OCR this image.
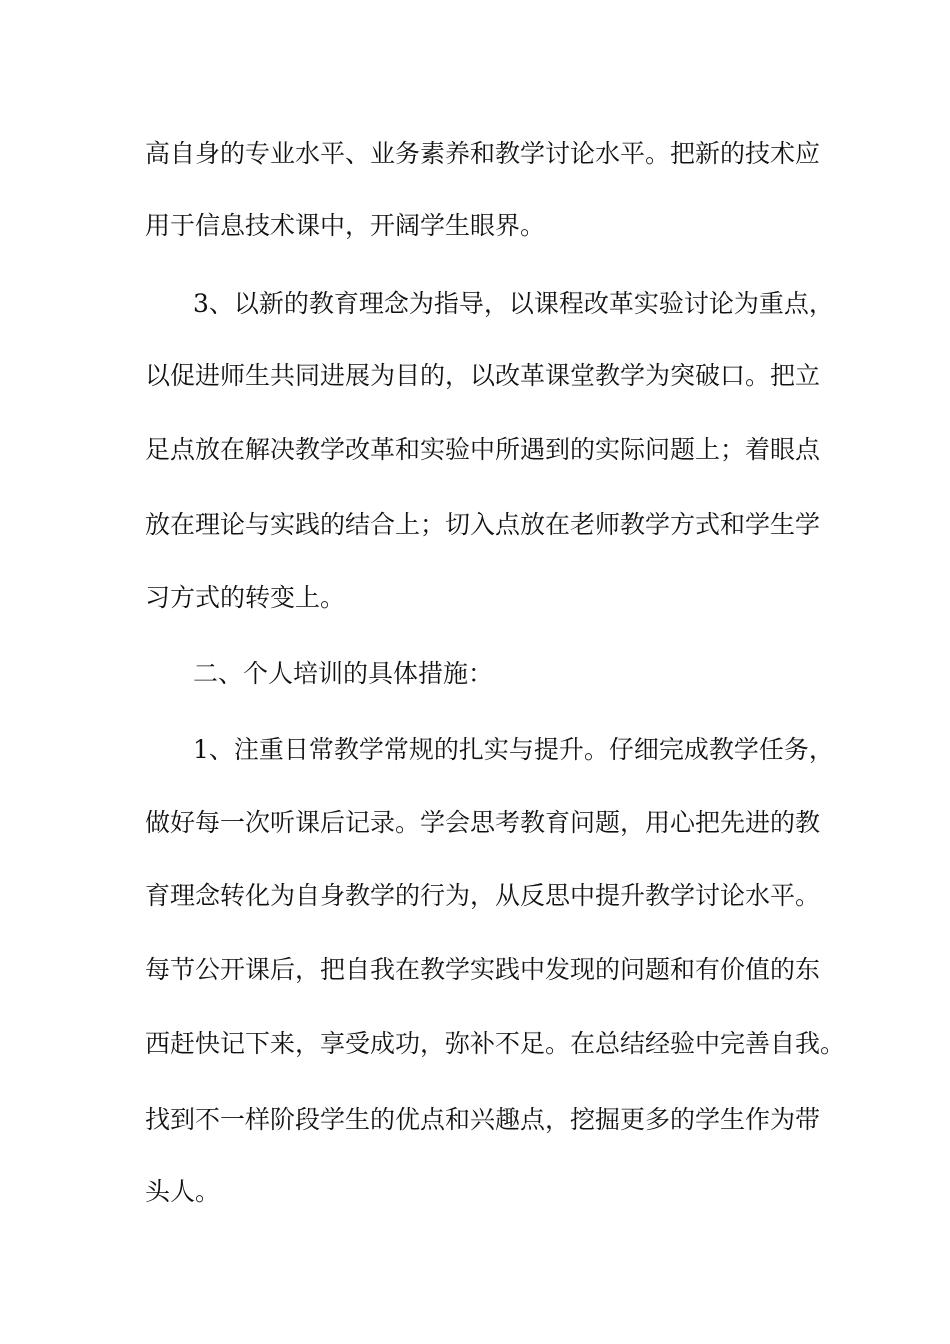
高自身的专业水平、业务素养和教学讨论水平。把新的技术应
用于信息技术课中，开阔学生眼界。
3、以新的教育理念为指导，以课程改革实验讨论为重点，
以促进师生共同进展为目的，以改革课堂教学为突破口。把立
足点放在解决教学改革和实验中所遇到的实际问题上；着眼点
放在理论与实践的结合上；切入点放在老师教学方式和学生学
习方式的转变上。
二、个人培训的具体措施：
1、注重日常教学常规的扎实与提升。仔细完成教学任务，
做好每一次听课后记录。学会思考教育问题，用心把先进的教
育理念转化为自身教学的行为，从反思中提升教学讨论水平。
每节公开课后，把自我在教学实践中发现的问题和有价值的东
西赶快记下来，享受成功，弥补不足。在总结经验中完善自我。
找到不一样阶段学生的优点和兴趣点，挖掘更多的学生作为带
头人。
